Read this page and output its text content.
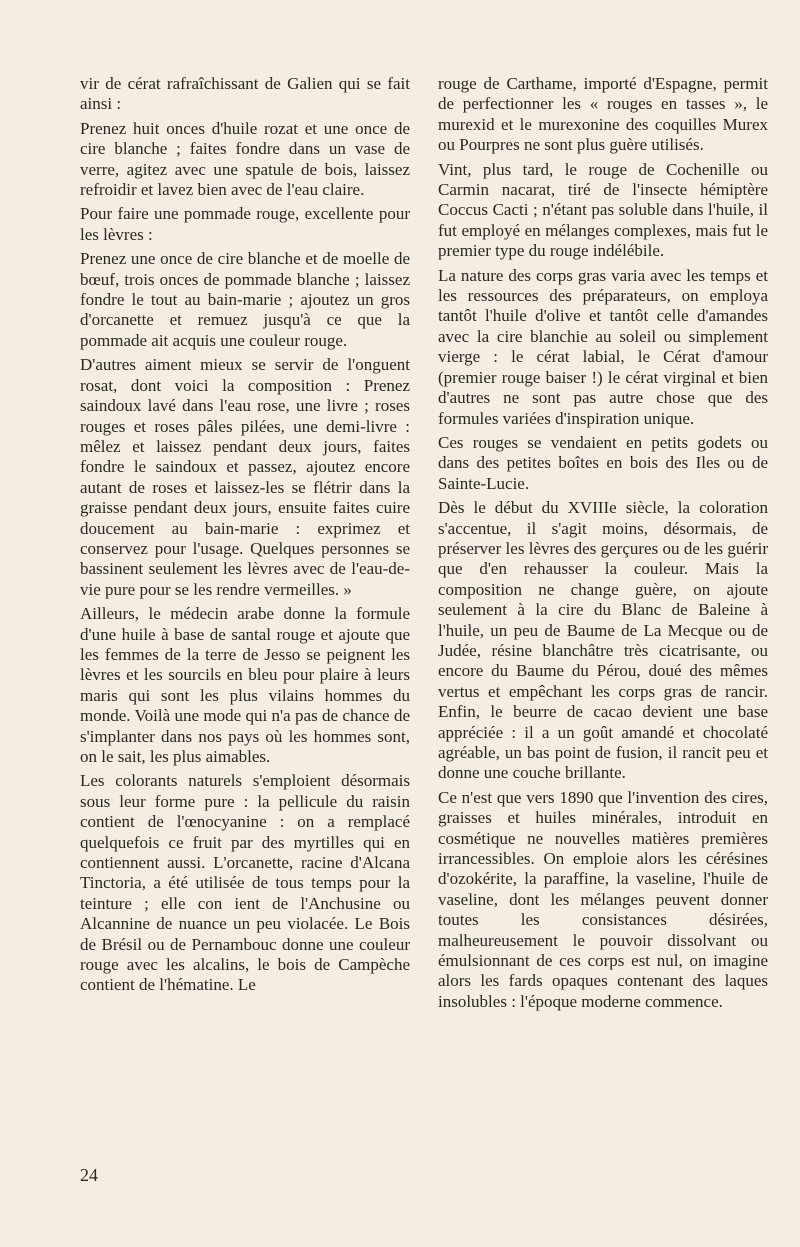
vir de cérat rafraîchissant de Galien qui se fait ainsi :

Prenez huit onces d'huile rozat et une once de cire blanche ; faites fondre dans un vase de verre, agitez avec une spatule de bois, laissez refroidir et lavez bien avec de l'eau claire.

Pour faire une pommade rouge, excellente pour les lèvres :

Prenez une once de cire blanche et de moelle de bœuf, trois onces de pommade blanche ; laissez fondre le tout au bain-marie ; ajoutez un gros d'orcanette et remuez jusqu'à ce que la pommade ait acquis une couleur rouge.

D'autres aiment mieux se servir de l'onguent rosat, dont voici la composition : Prenez saindoux lavé dans l'eau rose, une livre ; roses rouges et roses pâles pilées, une demi-livre : mêlez et laissez pendant deux jours, faites fondre le saindoux et passez, ajoutez encore autant de roses et laissez-les se flétrir dans la graisse pendant deux jours, ensuite faites cuire doucement au bain-marie : exprimez et conservez pour l'usage. Quelques personnes se bassinent seulement les lèvres avec de l'eau-de-vie pure pour se les rendre vermeilles. »

Ailleurs, le médecin arabe donne la formule d'une huile à base de santal rouge et ajoute que les femmes de la terre de Jesso se peignent les lèvres et les sourcils en bleu pour plaire à leurs maris qui sont les plus vilains hommes du monde. Voilà une mode qui n'a pas de chance de s'implanter dans nos pays où les hommes sont, on le sait, les plus aimables.

Les colorants naturels s'emploient désormais sous leur forme pure : la pellicule du raisin contient de l'œnocyanine : on a remplacé quelquefois ce fruit par des myrtilles qui en contiennent aussi. L'orcanette, racine d'Alcana Tinctoria, a été utilisée de tous temps pour la teinture ; elle con ient de l'Anchusine ou Alcannine de nuance un peu violacée. Le Bois de Brésil ou de Pernambouc donne une couleur rouge avec les alcalins, le bois de Campèche contient de l'hématine. Le

rouge de Carthame, importé d'Espagne, permit de perfectionner les « rouges en tasses », le murexid et le murexonine des coquilles Murex ou Pourpres ne sont plus guère utilisés.

Vint, plus tard, le rouge de Cochenille ou Carmin nacarat, tiré de l'insecte hémiptère Coccus Cacti ; n'étant pas soluble dans l'huile, il fut employé en mélanges complexes, mais fut le premier type du rouge indélébile.

La nature des corps gras varia avec les temps et les ressources des préparateurs, on employa tantôt l'huile d'olive et tantôt celle d'amandes avec la cire blanchie au soleil ou simplement vierge : le cérat labial, le Cérat d'amour (premier rouge baiser !) le cérat virginal et bien d'autres ne sont pas autre chose que des formules variées d'inspiration unique.

Ces rouges se vendaient en petits godets ou dans des petites boîtes en bois des Iles ou de Sainte-Lucie.

Dès le début du XVIIIe siècle, la coloration s'accentue, il s'agit moins, désormais, de préserver les lèvres des gerçures ou de les guérir que d'en rehausser la couleur. Mais la composition ne change guère, on ajoute seulement à la cire du Blanc de Baleine à l'huile, un peu de Baume de La Mecque ou de Judée, résine blanchâtre très cicatrisante, ou encore du Baume du Pérou, doué des mêmes vertus et empêchant les corps gras de rancir. Enfin, le beurre de cacao devient une base appréciée : il a un goût amandé et chocolaté agréable, un bas point de fusion, il rancit peu et donne une couche brillante.

Ce n'est que vers 1890 que l'invention des cires, graisses et huiles minérales, introduit en cosmétique ne nouvelles matières premières irrancessibles. On emploie alors les cérésines d'ozokérite, la paraffine, la vaseline, l'huile de vaseline, dont les mélanges peuvent donner toutes les consistances désirées, malheureusement le pouvoir dissolvant ou émulsionnant de ces corps est nul, on imagine alors les fards opaques contenant des laques insolubles : l'époque moderne commence.

24
